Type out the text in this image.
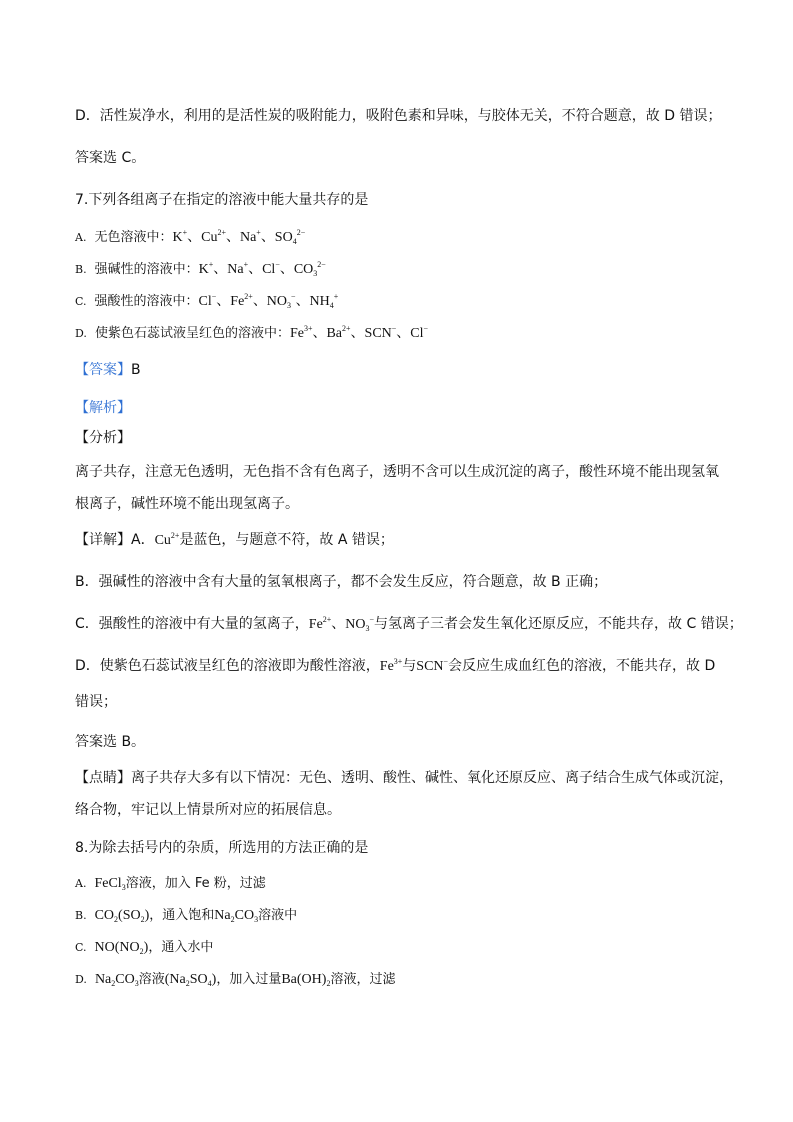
D．活性炭净水，利用的是活性炭的吸附能力，吸附色素和异味，与胶体无关，不符合题意，故 D 错误；
答案选 C。
7.下列各组离子在指定的溶液中能大量共存的是
A. 无色溶液中：K+、$Cu^{2+}$、Na+、$SO_4^{2-}$
B. 强碱性的溶液中：K+、Na+、Cl−、$CO_3^{2-}$
C. 强酸性的溶液中：Cl−、$Fe^{2+}$、$NO_3^-$、$NH_4^+$
D. 使紫色石蕊试液呈红色的溶液中：$Fe^{3+}$、$Ba^{2+}$、SCN−、Cl−
【答案】B
【解析】
【分析】
离子共存，注意无色透明，无色指不含有色离子，透明不含可以生成沉淀的离子，酸性环境不能出现氢氧
根离子，碱性环境不能出现氢离子。
【详解】A．$Cu^{2+}$是蓝色，与题意不符，故 A 错误；
B．强碱性的溶液中含有大量的氢氧根离子，都不会发生反应，符合题意，故 B 正确；
C．强酸性的溶液中有大量的氢离子，$Fe^{2+}$、$NO_3^-$与氢离子三者会发生氧化还原反应，不能共存，故 C 错误；
D．使紫色石蕊试液呈红色的溶液即为酸性溶液，$Fe^{3+}$与SCN−会反应生成血红色的溶液，不能共存，故 D
错误；
答案选 B。
【点睛】离子共存大多有以下情况：无色、透明、酸性、碱性、氧化还原反应、离子结合生成气体或沉淀，
络合物，牢记以上情景所对应的拓展信息。
8.为除去括号内的杂质，所选用的方法正确的是
A. FeCl$_3$溶液，加入 Fe 粉，过滤
B. $CO_2(SO_2)$，通入饱和$Na_2CO_3$溶液中
C. $NO(NO_2)$，通入水中
D. $Na_2CO_3$溶液$(Na_2SO_4)$，加入过量$Ba(OH)_2$溶液，过滤
